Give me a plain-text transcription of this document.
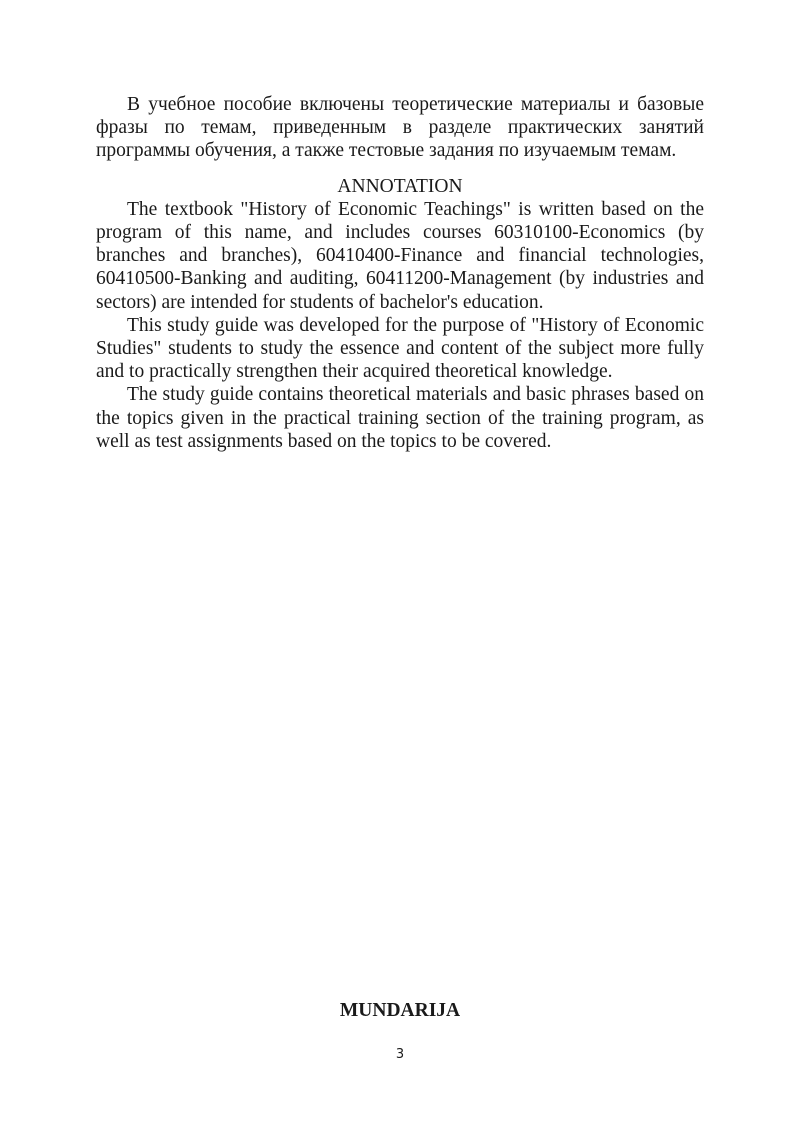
В учебное пособие включены теоретические материалы и базовые фразы по темам, приведенным в разделе практических занятий программы обучения, а также тестовые задания по изучаемым темам.

ANNOTATION

The textbook "History of Economic Teachings" is written based on the program of this name, and includes courses 60310100-Economics (by branches and branches), 60410400-Finance and financial technologies, 60410500-Banking and auditing, 60411200-Management (by industries and sectors) are intended for students of bachelor's education.

This study guide was developed for the purpose of "History of Economic Studies" students to study the essence and content of the subject more fully and to practically strengthen their acquired theoretical knowledge.

The study guide contains theoretical materials and basic phrases based on the topics given in the practical training section of the training program, as well as test assignments based on the topics to be covered.

MUNDARIJA

3
